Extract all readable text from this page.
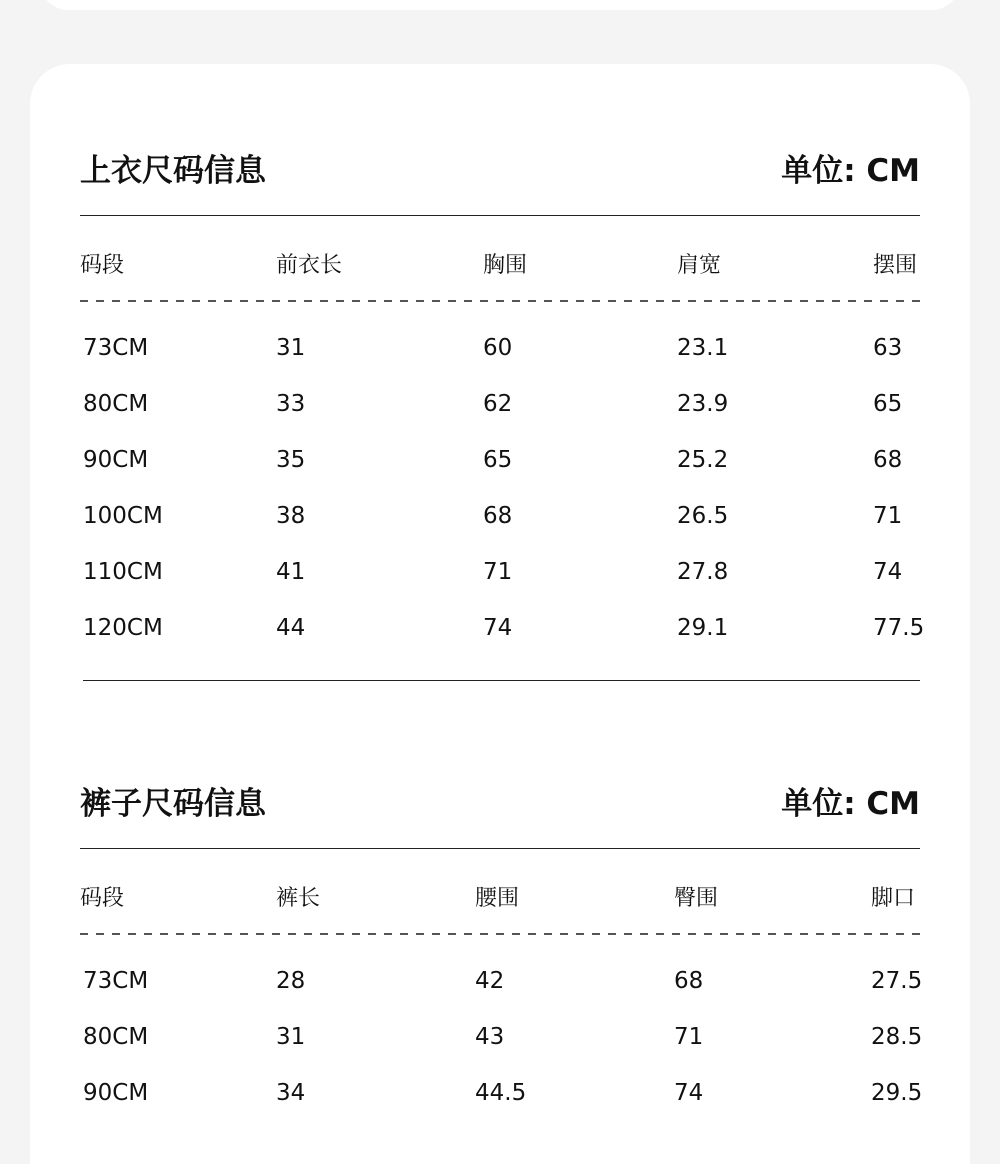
上衣尺码信息	单位: CM
码段	前衣长	胸围	肩宽	摆围
73CM	31	60	23.1	63
80CM	33	62	23.9	65
90CM	35	65	25.2	68
100CM	38	68	26.5	71
110CM	41	71	27.8	74
120CM	44	74	29.1	77.5
裤子尺码信息	单位: CM
码段	裤长	腰围	臀围	脚口
73CM	28	42	68	27.5
80CM	31	43	71	28.5
90CM	34	44.5	74	29.5
